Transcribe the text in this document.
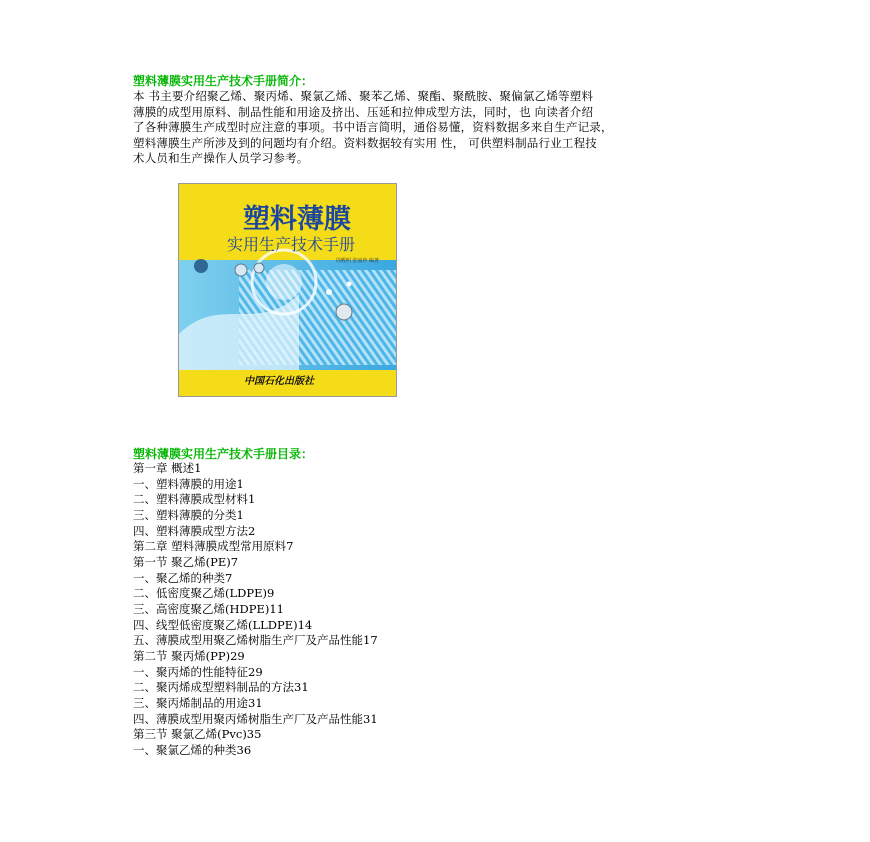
塑料薄膜实用生产技术手册简介：
本 书主要介绍聚乙烯、聚丙烯、聚氯乙烯、聚苯乙烯、聚酯、聚酰胺、聚偏氯乙烯等塑料
薄膜的成型用原料、制品性能和用途及挤出、压延和拉伸成型方法，同时，也 向读者介绍
了各种薄膜生产成型时应注意的事项。书中语言简明，通俗易懂，资料数据多来自生产记录，
塑料薄膜生产所涉及到的问题均有介绍。资料数据较有实用 性， 可供塑料制品行业工程技
术人员和生产操作人员学习参考。
塑料薄膜
实用生产技术手册
周殿明 张丽珍 编著
中国石化出版社
塑料薄膜实用生产技术手册目录：
第一章 概述1
一、塑料薄膜的用途1
二、塑料薄膜成型材料1
三、塑料薄膜的分类1
四、塑料薄膜成型方法2
第二章 塑料薄膜成型常用原料7
第一节 聚乙烯(PE)7
一、聚乙烯的种类7
二、低密度聚乙烯(LDPE)9
三、高密度聚乙烯(HDPE)11
四、线型低密度聚乙烯(LLDPE)14
五、薄膜成型用聚乙烯树脂生产厂及产品性能17
第二节 聚丙烯(PP)29
一、聚丙烯的性能特征29
二、聚丙烯成型塑料制品的方法31
三、聚丙烯制品的用途31
四、薄膜成型用聚丙烯树脂生产厂及产品性能31
第三节 聚氯乙烯(Pvc)35
一、聚氯乙烯的种类36
